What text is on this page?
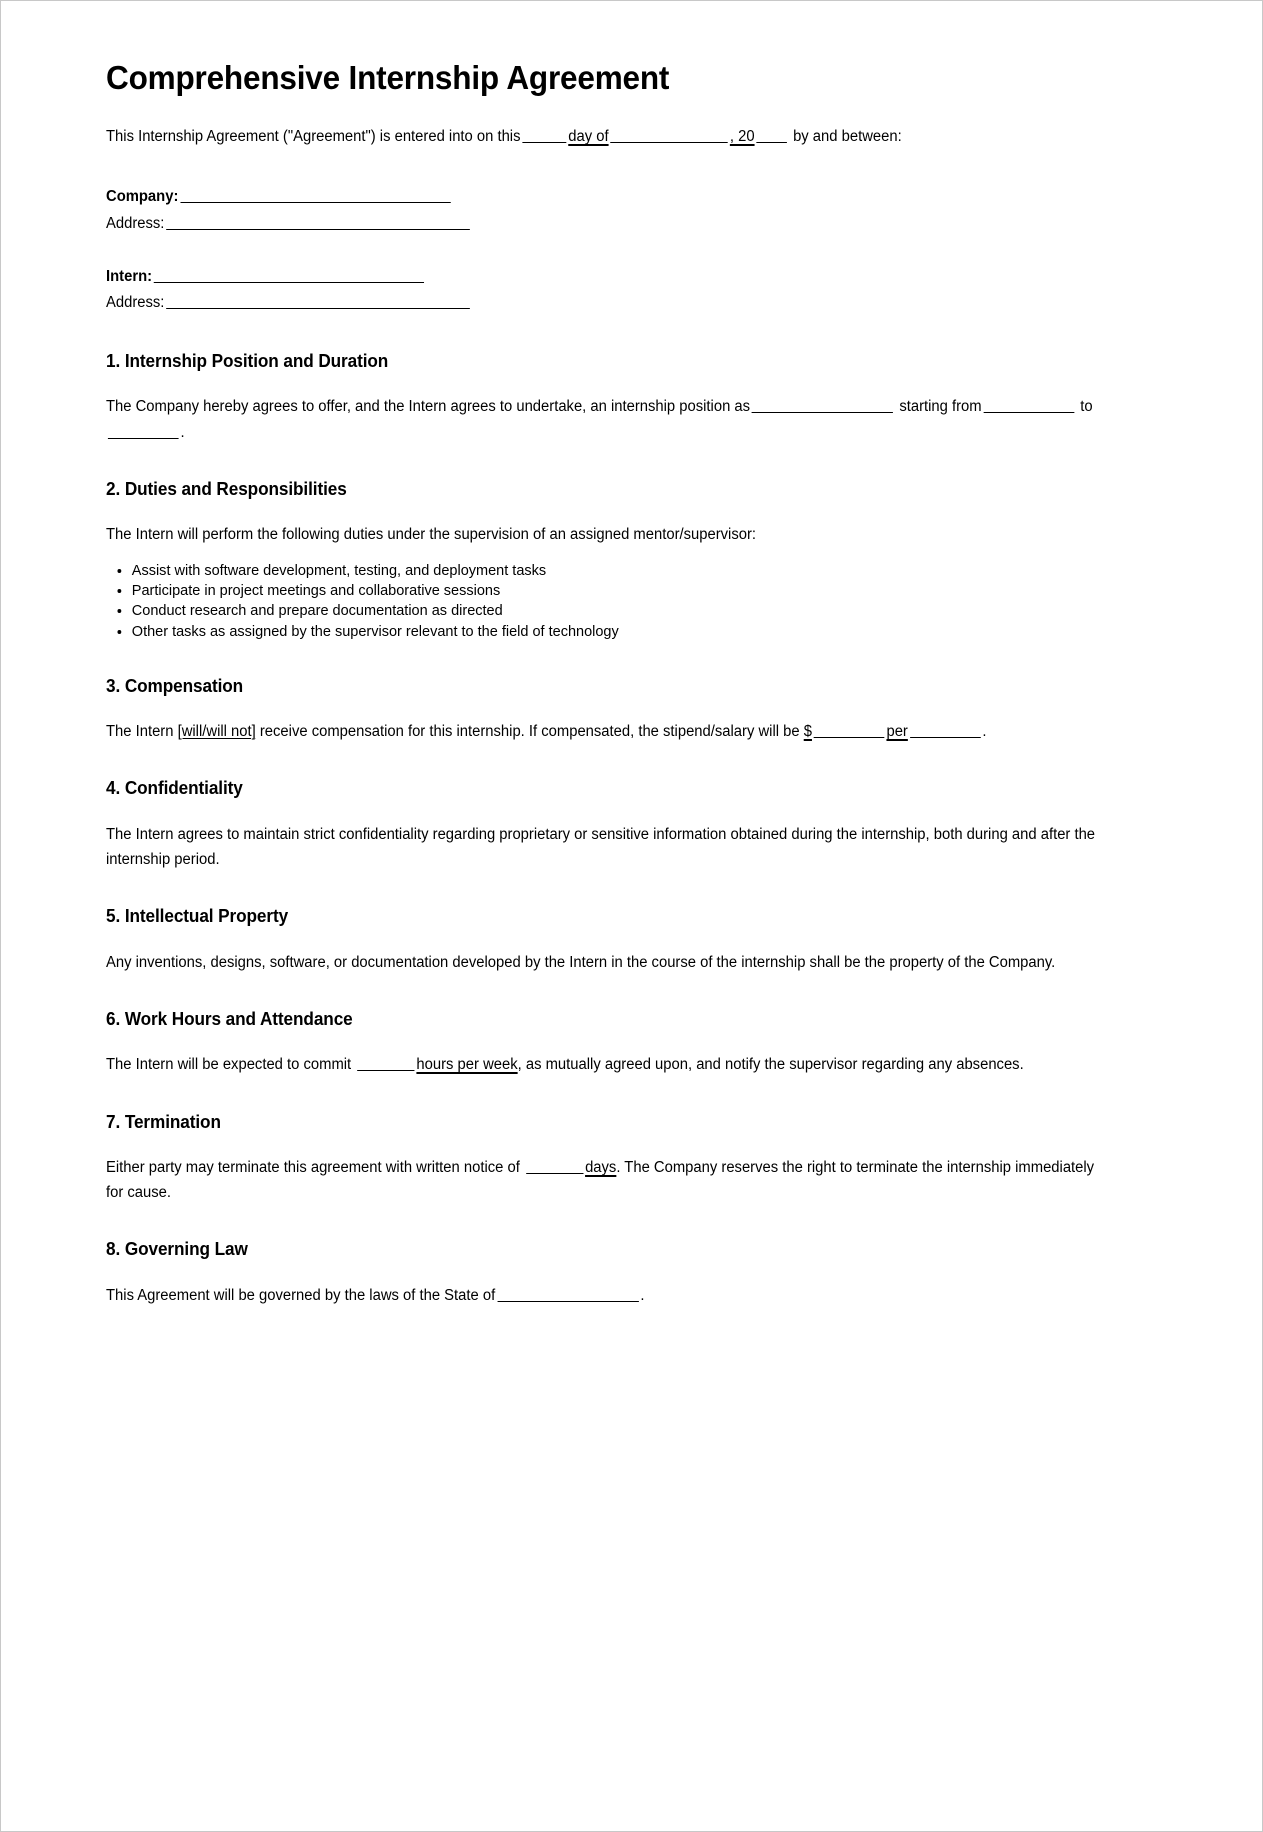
Comprehensive Internship Agreement

This Internship Agreement ("Agreement") is entered into on this	day of	, 20 by and between:

Company:
Address:
Intern:
Address:
1. Internship Position and Duration

The Company hereby agrees to offer, and the Intern agrees to undertake, an internship position as	starting from	to.

2. Duties and Responsibilities

The Intern will perform the following duties under the supervision of an assigned mentor/supervisor:

• Assist with software development, testing, and deployment tasks
• Participate in project meetings and collaborative sessions
• Conduct research and prepare documentation as directed
• Other tasks as assigned by the supervisor relevant to the field of technology
3. Compensation

The Intern [will/will not] receive compensation for this internship. If compensated, the stipend/salary will be $	per	.

4. Confidentiality

The Intern agrees to maintain strict confidentiality regarding proprietary or sensitive information obtained during the internship, both during and after the internship period.

5. Intellectual Property

Any inventions, designs, software, or documentation developed by the Intern in the course of the internship shall be the property of the Company.

6. Work Hours and Attendance

The Intern will be expected to commit	hours per week, as mutually agreed upon, and notify the supervisor regarding any absences.

7. Termination

Either party may terminate this agreement with written notice of	days. The Company reserves the right to terminate the internship immediately for cause.

8. Governing Law

This Agreement will be governed by the laws of the State of	.
